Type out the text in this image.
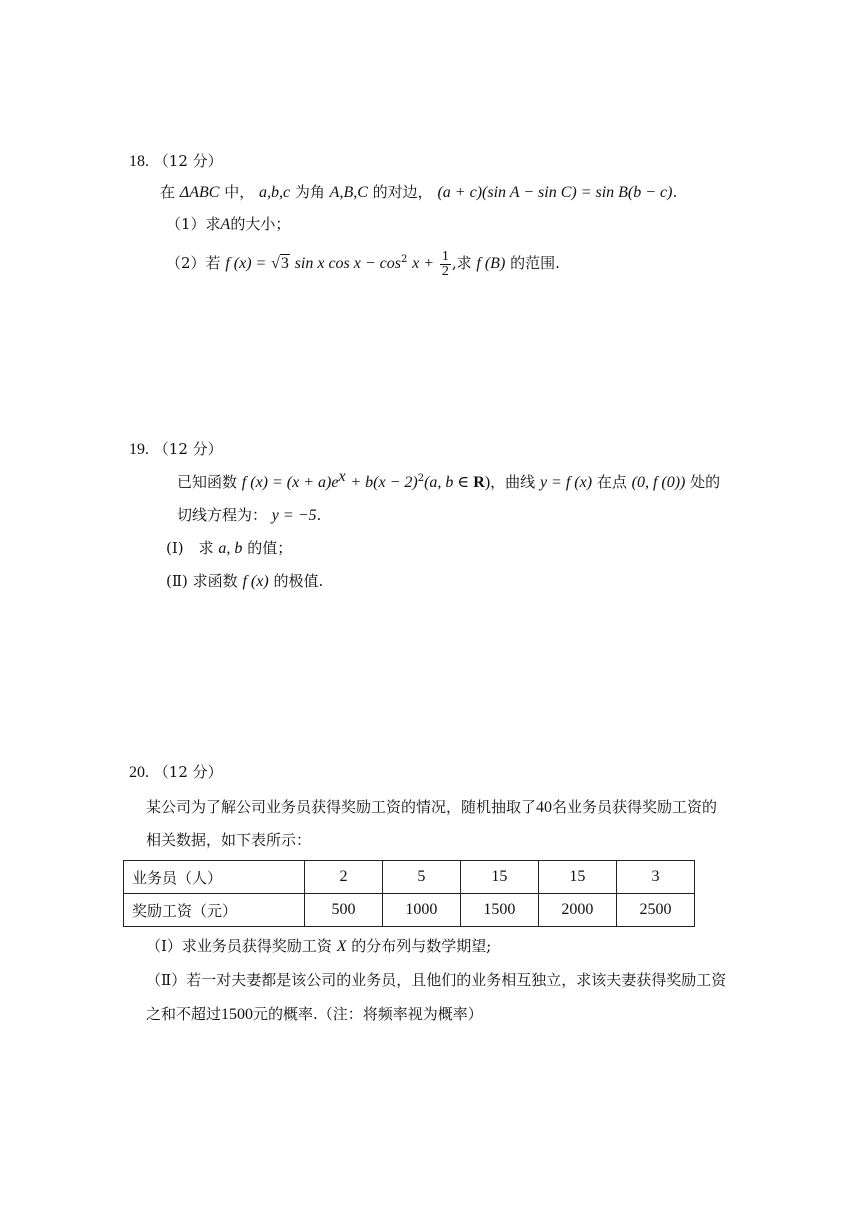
18. （12 分）
在 ΔABC 中， a,b,c 为角 A,B,C 的对边， (a + c)(sin A − sin C) = sin B(b − c).
（1）求A的大小；
（2）若 f (x) = √3 sin x $\cos x - \cos^2 x + \frac{1}{2}$ ,求 f (B) 的范围.
19. （12 分）
已知函数 f $(x) = (x + a)e^x + b(x - 2)^2(a$, b ∈ R)，曲线 y = f (x) 在点 (0, f (0)) 处的
切线方程为： y = −5.
(Ⅰ)　求 a, b 的值；
(Ⅱ) 求函数 f (x) 的极值.
20. （12 分）
某公司为了解公司业务员获得奖励工资的情况，随机抽取了40名业务员获得奖励工资的
相关数据，如下表所示：
业务员（人）	2	5	15	15	3
奖励工资（元）	500	1000	1500	2000	2500
（Ⅰ）求业务员获得奖励工资 X 的分布列与数学期望;
（Ⅱ）若一对夫妻都是该公司的业务员，且他们的业务相互独立，求该夫妻获得奖励工资
之和不超过1500元的概率.（注：将频率视为概率）
